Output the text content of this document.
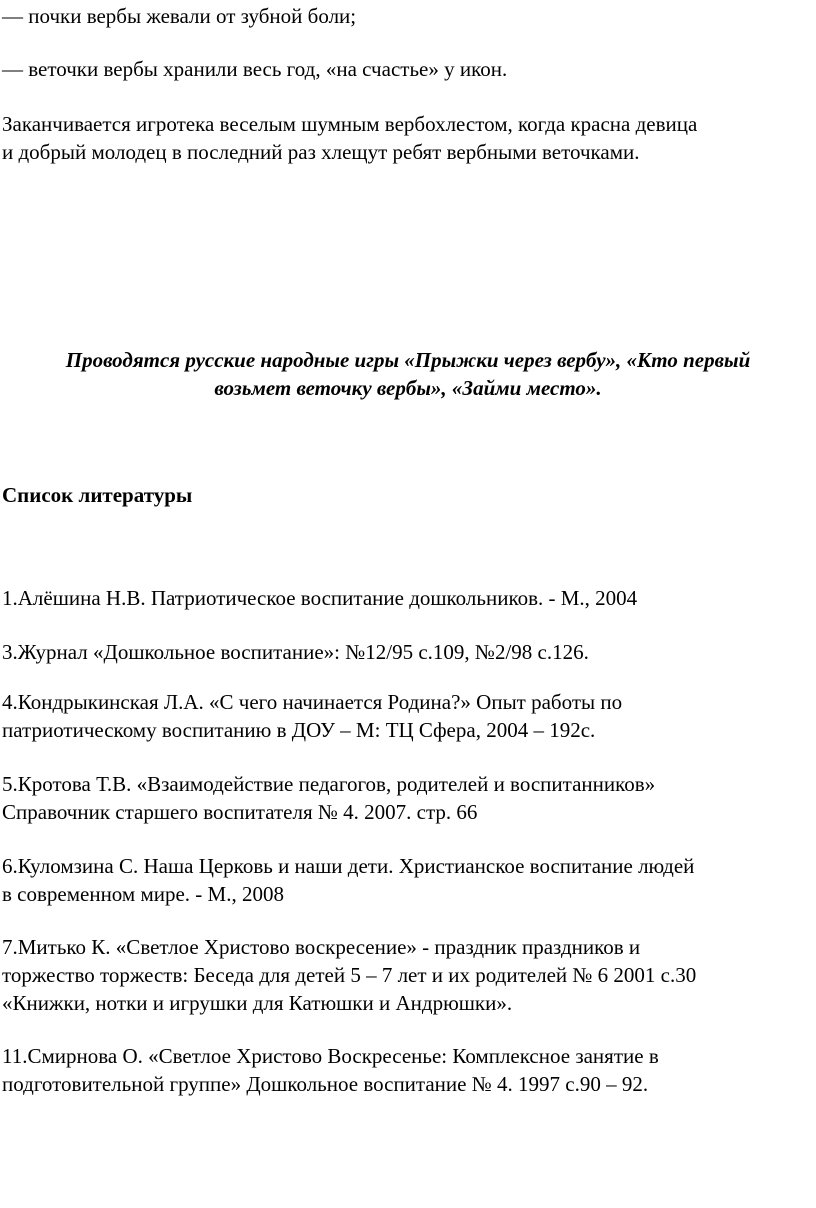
— почки вербы жевали от зубной боли;

— веточки вербы хранили весь год, «на счастье» у икон.

Заканчивается игротека веселым шумным вербохлестом, когда красна девица

и добрый молодец в последний раз хлещут ребят вербными веточками.

Проводятся русские народные игры «Прыжки через вербу», «Кто первый

возьмет веточку вербы», «Займи место».

Список литературы

1.Алёшина Н.В. Патриотическое воспитание дошкольников. - М., 2004

3.Журнал «Дошкольное воспитание»: №12/95 с.109, №2/98 с.126.

4.Кондрыкинская Л.А. «С чего начинается Родина?» Опыт работы по

патриотическому воспитанию в ДОУ – М: ТЦ Сфера, 2004 – 192с.

5.Кротова Т.В. «Взаимодействие педагогов, родителей и воспитанников»

Справочник старшего воспитателя № 4. 2007. стр. 66

6.Куломзина С. Наша Церковь и наши дети. Христианское воспитание людей

в современном мире. - М., 2008

7.Митько К. «Светлое Христово воскресение» - праздник праздников и

торжество торжеств: Беседа для детей 5 – 7 лет и их родителей № 6 2001 с.30

«Книжки, нотки и игрушки для Катюшки и Андрюшки».

11.Смирнова О. «Светлое Христово Воскресенье: Комплексное занятие в

подготовительной группе» Дошкольное воспитание № 4. 1997 с.90 – 92.
